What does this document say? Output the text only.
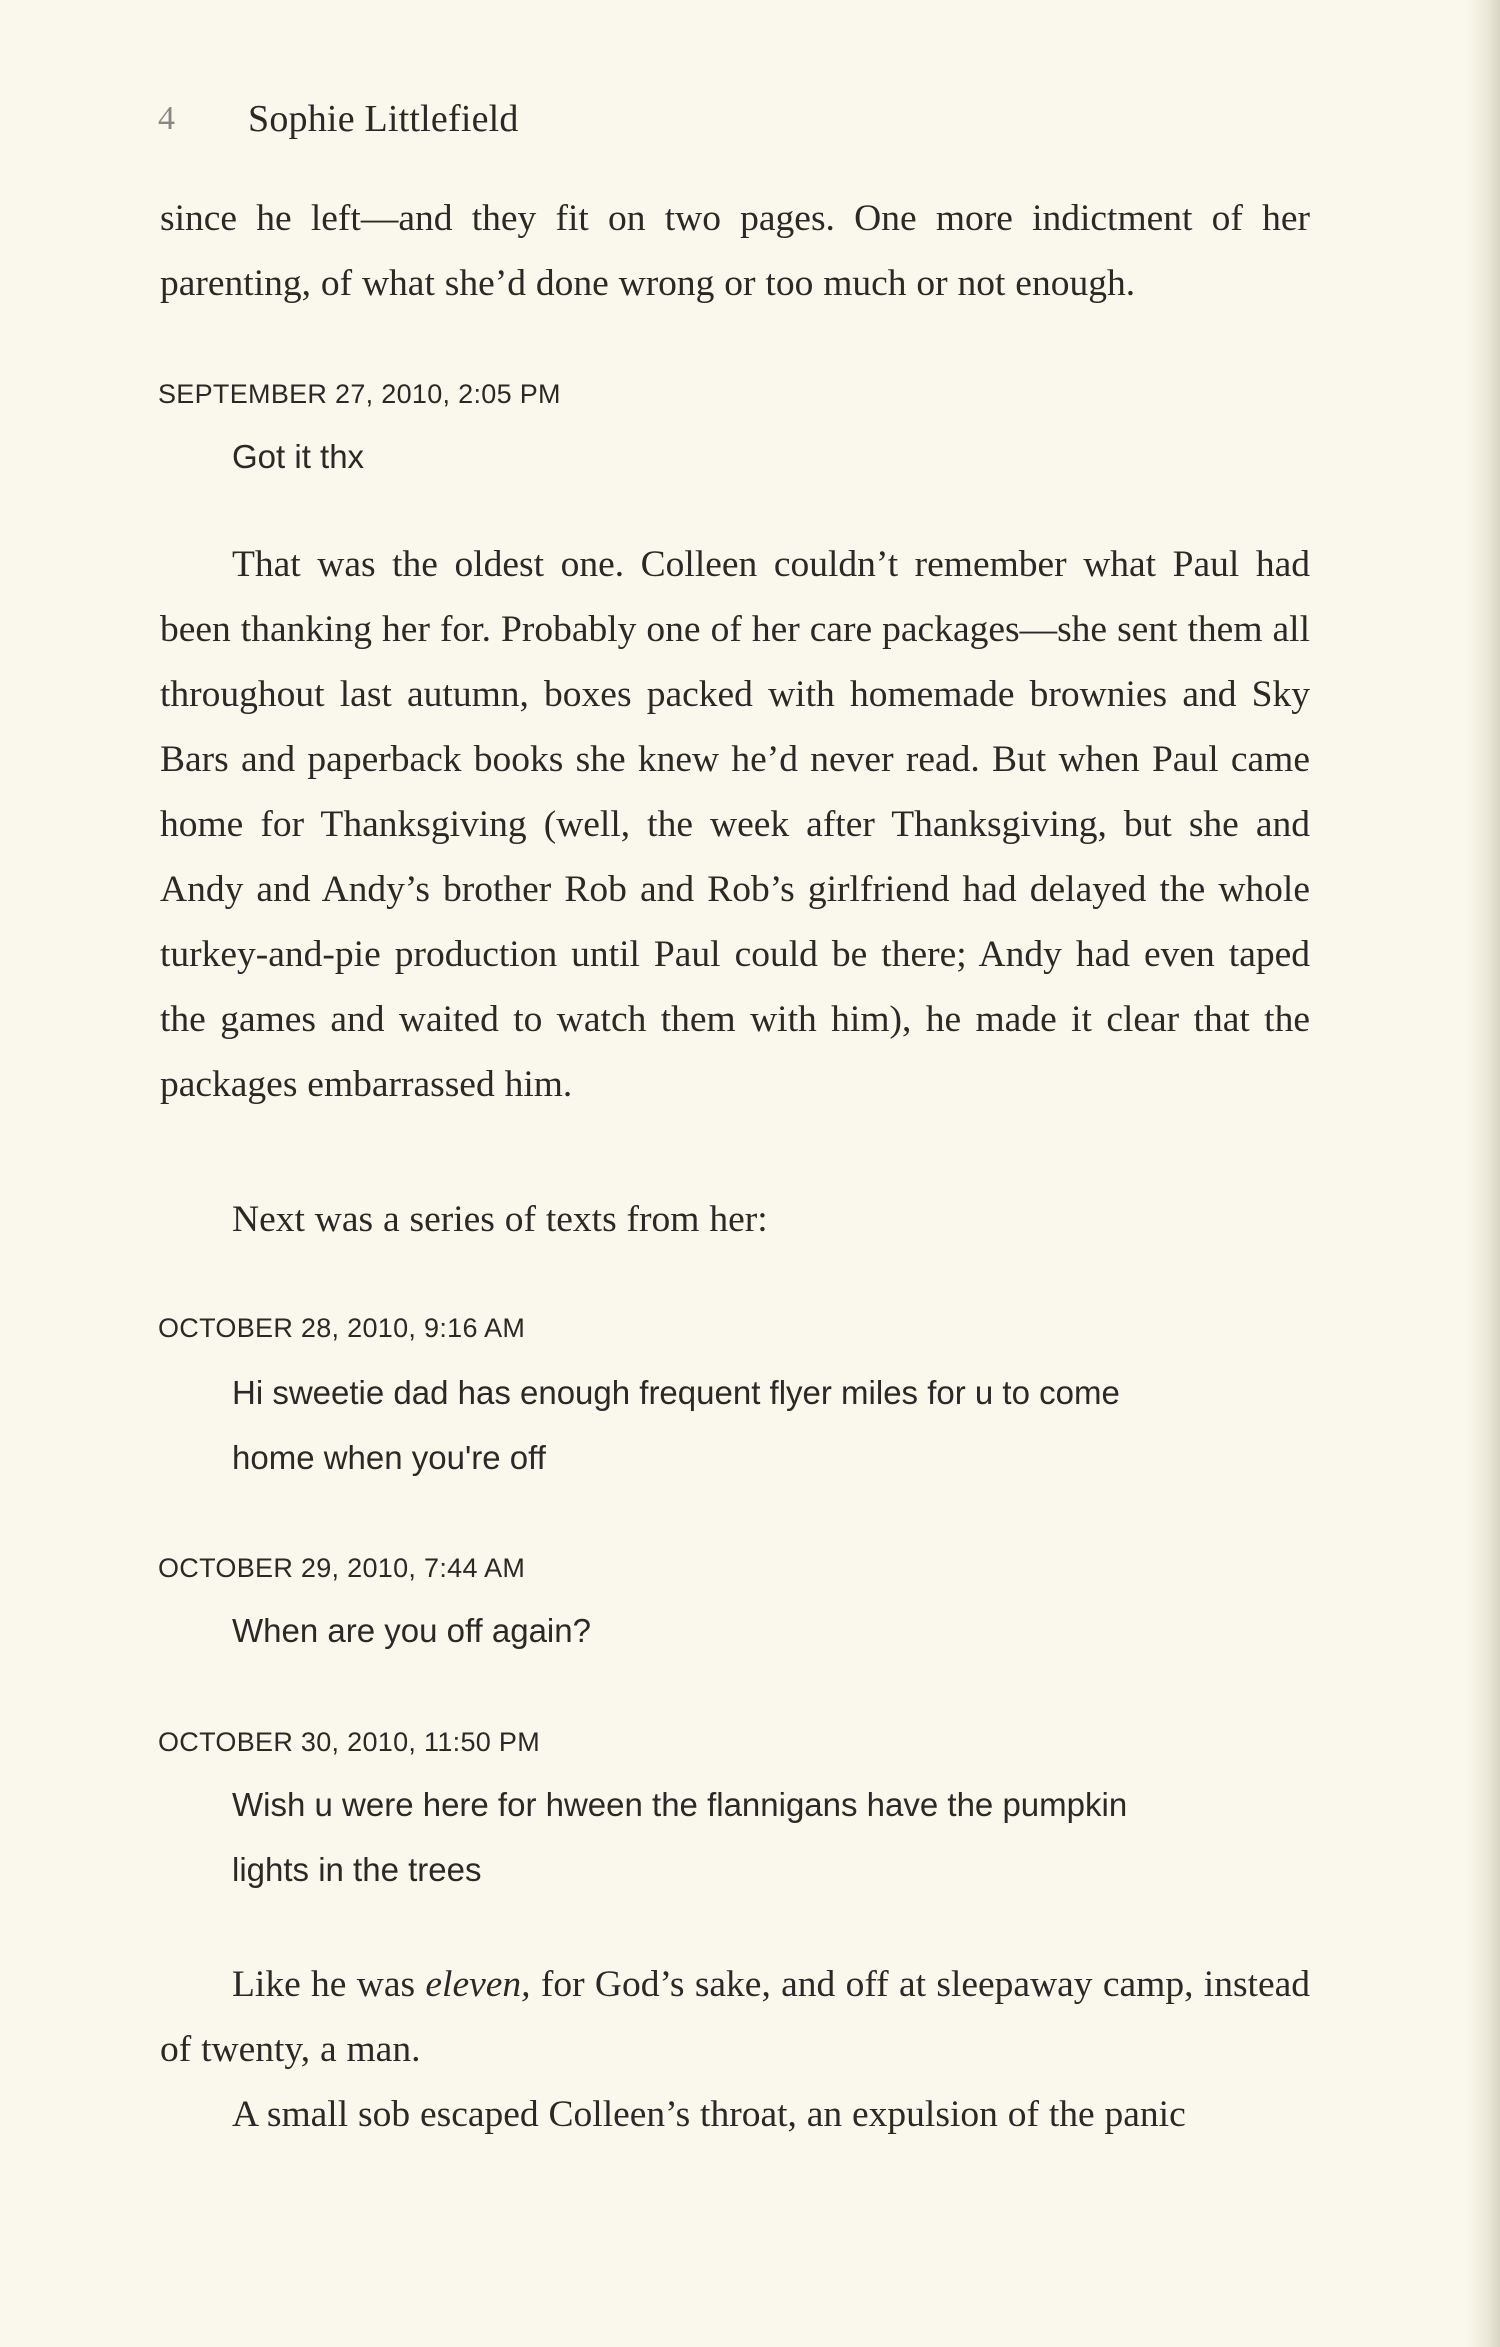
4	Sophie Littlefield

since he left—and they fit on two pages. One more indictment of her parenting, of what she’d done wrong or too much or not enough.

SEPTEMBER 27, 2010, 2:05 PM
Got it thx

That was the oldest one. Colleen couldn’t remember what Paul had been thanking her for. Probably one of her care packages—she sent them all throughout last autumn, boxes packed with homemade brownies and Sky Bars and paperback books she knew he’d never read. But when Paul came home for Thanksgiving (well, the week after Thanksgiving, but she and Andy and Andy’s brother Rob and Rob’s girlfriend had delayed the whole turkey-and-pie production until Paul could be there; Andy had even taped the games and waited to watch them with him), he made it clear that the packages embarrassed him.

Next was a series of texts from her:

OCTOBER 28, 2010, 9:16 AM
Hi sweetie dad has enough frequent flyer miles for u to come
home when you're off
OCTOBER 29, 2010, 7:44 AM
When are you off again?
OCTOBER 30, 2010, 11:50 PM
Wish u were here for hween the flannigans have the pumpkin
lights in the trees

Like he was eleven, for God’s sake, and off at sleepaway camp, instead of twenty, a man.

A small sob escaped Colleen’s throat, an expulsion of the panic
